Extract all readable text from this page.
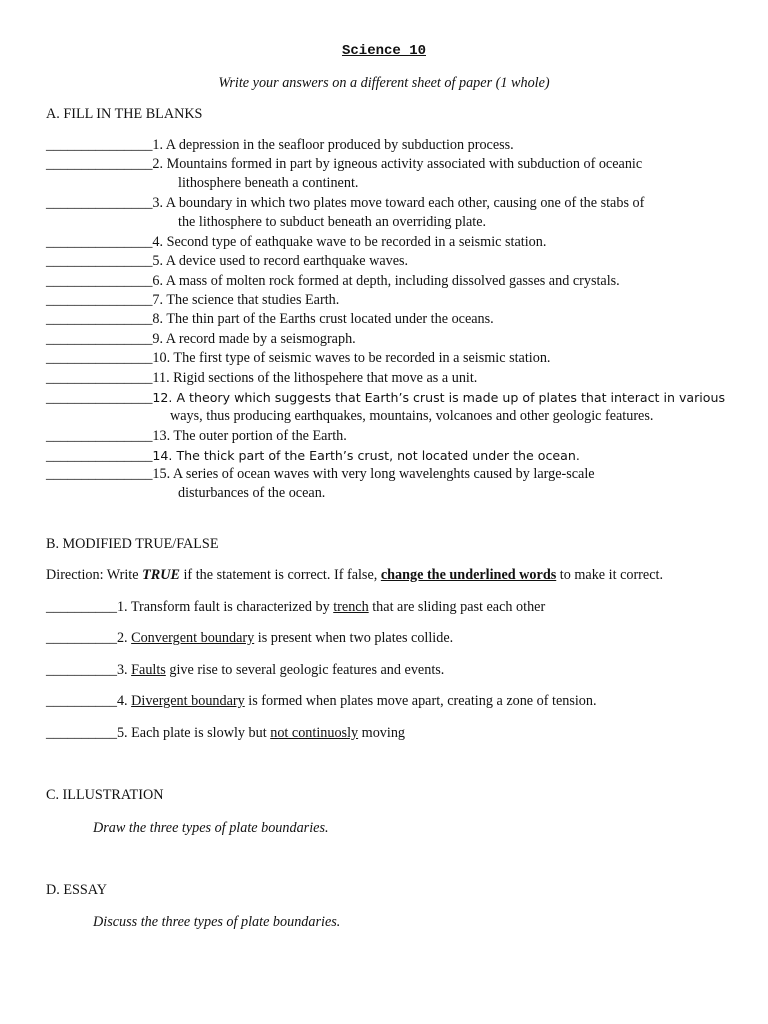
Science 10
Write your answers on a different sheet of paper (1 whole)
A. FILL IN THE BLANKS
_______________1. A depression in the seafloor produced by subduction process.
_______________2. Mountains formed in part by igneous activity associated with subduction of oceanic
lithosphere beneath a continent.
_______________3. A boundary in which two plates move toward each other, causing one of the stabs of
the lithosphere to subduct beneath an overriding plate.
_______________4. Second type of eathquake wave to be recorded in a seismic station.
_______________5. A device used to record earthquake waves.
_______________6. A mass of molten rock formed at depth, including dissolved gasses and crystals.
_______________7. The science that studies Earth.
_______________8. The thin part of the Earths crust located under the oceans.
_______________9. A record made by a seismograph.
_______________10. The first type of seismic waves to be recorded in a seismic station.
_______________11. Rigid sections of the lithospehere that move as a unit.
_______________12. A theory which suggests that Earth’s crust is made up of plates that interact in various
ways, thus producing earthquakes, mountains, volcanoes and other geologic features.
_______________13. The outer portion of the Earth.
_______________14. The thick part of the Earth’s crust, not located under the ocean.
_______________15. A series of ocean waves with very long wavelenghts caused by large-scale
disturbances of the ocean.
B. MODIFIED TRUE/FALSE
Direction: Write TRUE if the statement is correct. If false, change the underlined words to make it correct.
__________1. Transform fault is characterized by trench that are sliding past each other
__________2. Convergent boundary is present when two plates collide.
__________3. Faults give rise to several geologic features and events.
__________4. Divergent boundary is formed when plates move apart, creating a zone of tension.
__________5. Each plate is slowly but not continuosly moving
C. ILLUSTRATION
Draw the three types of plate boundaries.
D. ESSAY
Discuss the three types of plate boundaries.
